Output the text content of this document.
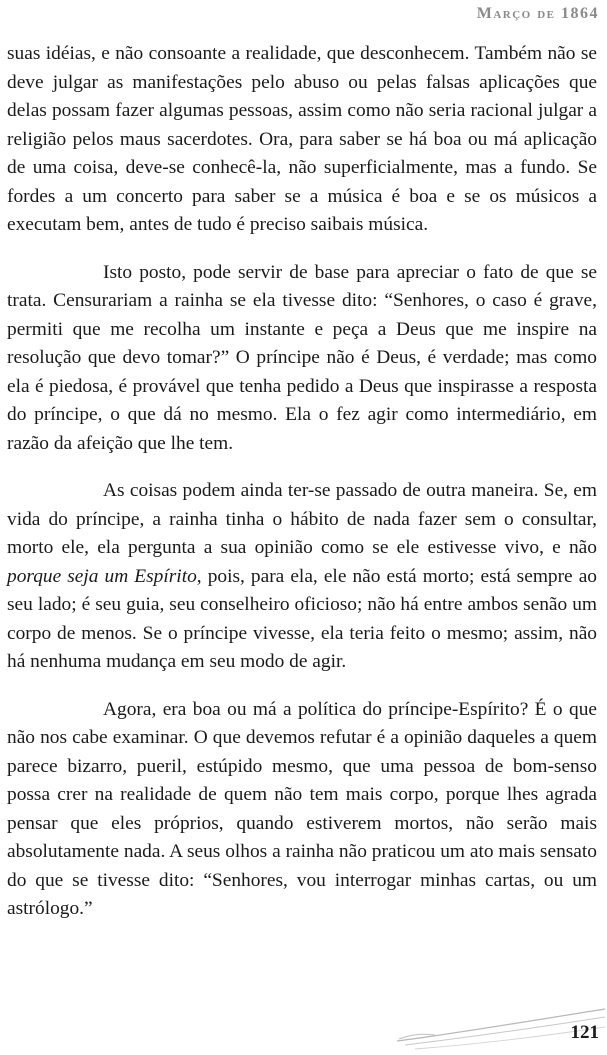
Março de 1864

suas idéias, e não consoante a realidade, que desconhecem. Também não se deve julgar as manifestações pelo abuso ou pelas falsas aplicações que delas possam fazer algumas pessoas, assim como não seria racional julgar a religião pelos maus sacerdotes. Ora, para saber se há boa ou má aplicação de uma coisa, deve-se conhecê-la, não superficialmente, mas a fundo. Se fordes a um concerto para saber se a música é boa e se os músicos a executam bem, antes de tudo é preciso saibais música.

Isto posto, pode servir de base para apreciar o fato de que se trata. Censurariam a rainha se ela tivesse dito: “Senhores, o caso é grave, permiti que me recolha um instante e peça a Deus que me inspire na resolução que devo tomar?” O príncipe não é Deus, é verdade; mas como ela é piedosa, é provável que tenha pedido a Deus que inspirasse a resposta do príncipe, o que dá no mesmo. Ela o fez agir como intermediário, em razão da afeição que lhe tem.

As coisas podem ainda ter-se passado de outra maneira. Se, em vida do príncipe, a rainha tinha o hábito de nada fazer sem o consultar, morto ele, ela pergunta a sua opinião como se ele estivesse vivo, e não porque seja um Espírito, pois, para ela, ele não está morto; está sempre ao seu lado; é seu guia, seu conselheiro oficioso; não há entre ambos senão um corpo de menos. Se o príncipe vivesse, ela teria feito o mesmo; assim, não há nenhuma mudança em seu modo de agir.

Agora, era boa ou má a política do príncipe-Espírito? É o que não nos cabe examinar. O que devemos refutar é a opinião daqueles a quem parece bizarro, pueril, estúpido mesmo, que uma pessoa de bom-senso possa crer na realidade de quem não tem mais corpo, porque lhes agrada pensar que eles próprios, quando estiverem mortos, não serão mais absolutamente nada. A seus olhos a rainha não praticou um ato mais sensato do que se tivesse dito: “Senhores, vou interrogar minhas cartas, ou um astrólogo.”

121
